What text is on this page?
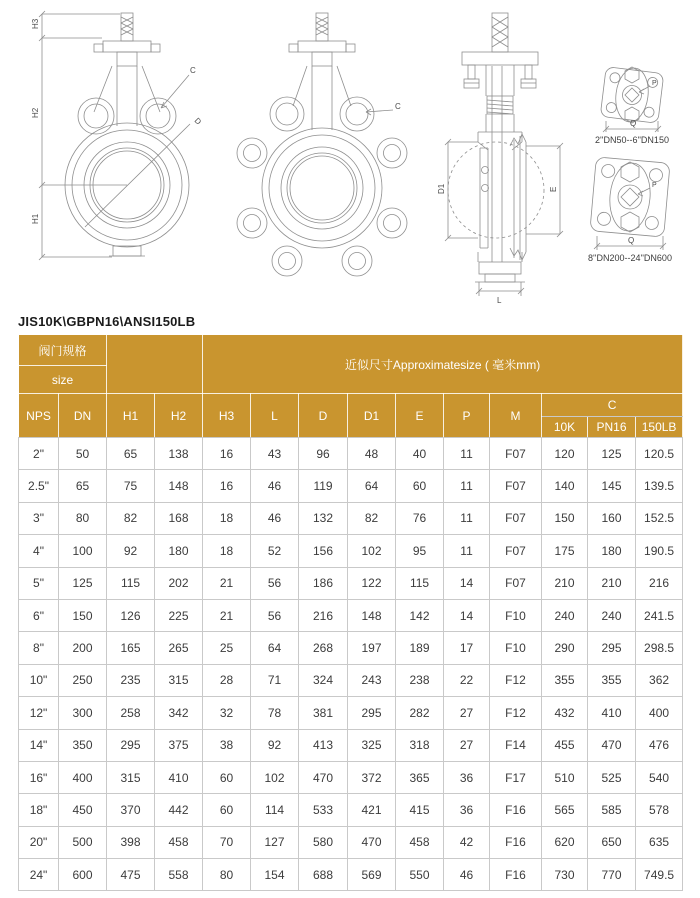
D
C
H3
H2
H1
C
D1	E
L
P
Q
2''DN50--6''DN150
P
Q
8''DN200--24''DN600
JIS10K\GBPN16\ANSI150LB
阀门规格				近似尺寸Approximatesize ( 毫米mm)									
size													
NPS	DN	H1	H2	H3	L	D	D1	E	P	M	C		
											10K	PN16	150LB
2"	50	65	138	16	43	96	48	40	11	F07	120	125	120.5
2.5"	65	75	148	16	46	119	64	60	11	F07	140	145	139.5
3"	80	82	168	18	46	132	82	76	11	F07	150	160	152.5
4"	100	92	180	18	52	156	102	95	11	F07	175	180	190.5
5"	125	115	202	21	56	186	122	115	14	F07	210	210	216
6"	150	126	225	21	56	216	148	142	14	F10	240	240	241.5
8"	200	165	265	25	64	268	197	189	17	F10	290	295	298.5
10"	250	235	315	28	71	324	243	238	22	F12	355	355	362
12"	300	258	342	32	78	381	295	282	27	F12	432	410	400
14"	350	295	375	38	92	413	325	318	27	F14	455	470	476
16"	400	315	410	60	102	470	372	365	36	F17	510	525	540
18"	450	370	442	60	114	533	421	415	36	F16	565	585	578
20"	500	398	458	70	127	580	470	458	42	F16	620	650	635
24"	600	475	558	80	154	688	569	550	46	F16	730	770	749.5
